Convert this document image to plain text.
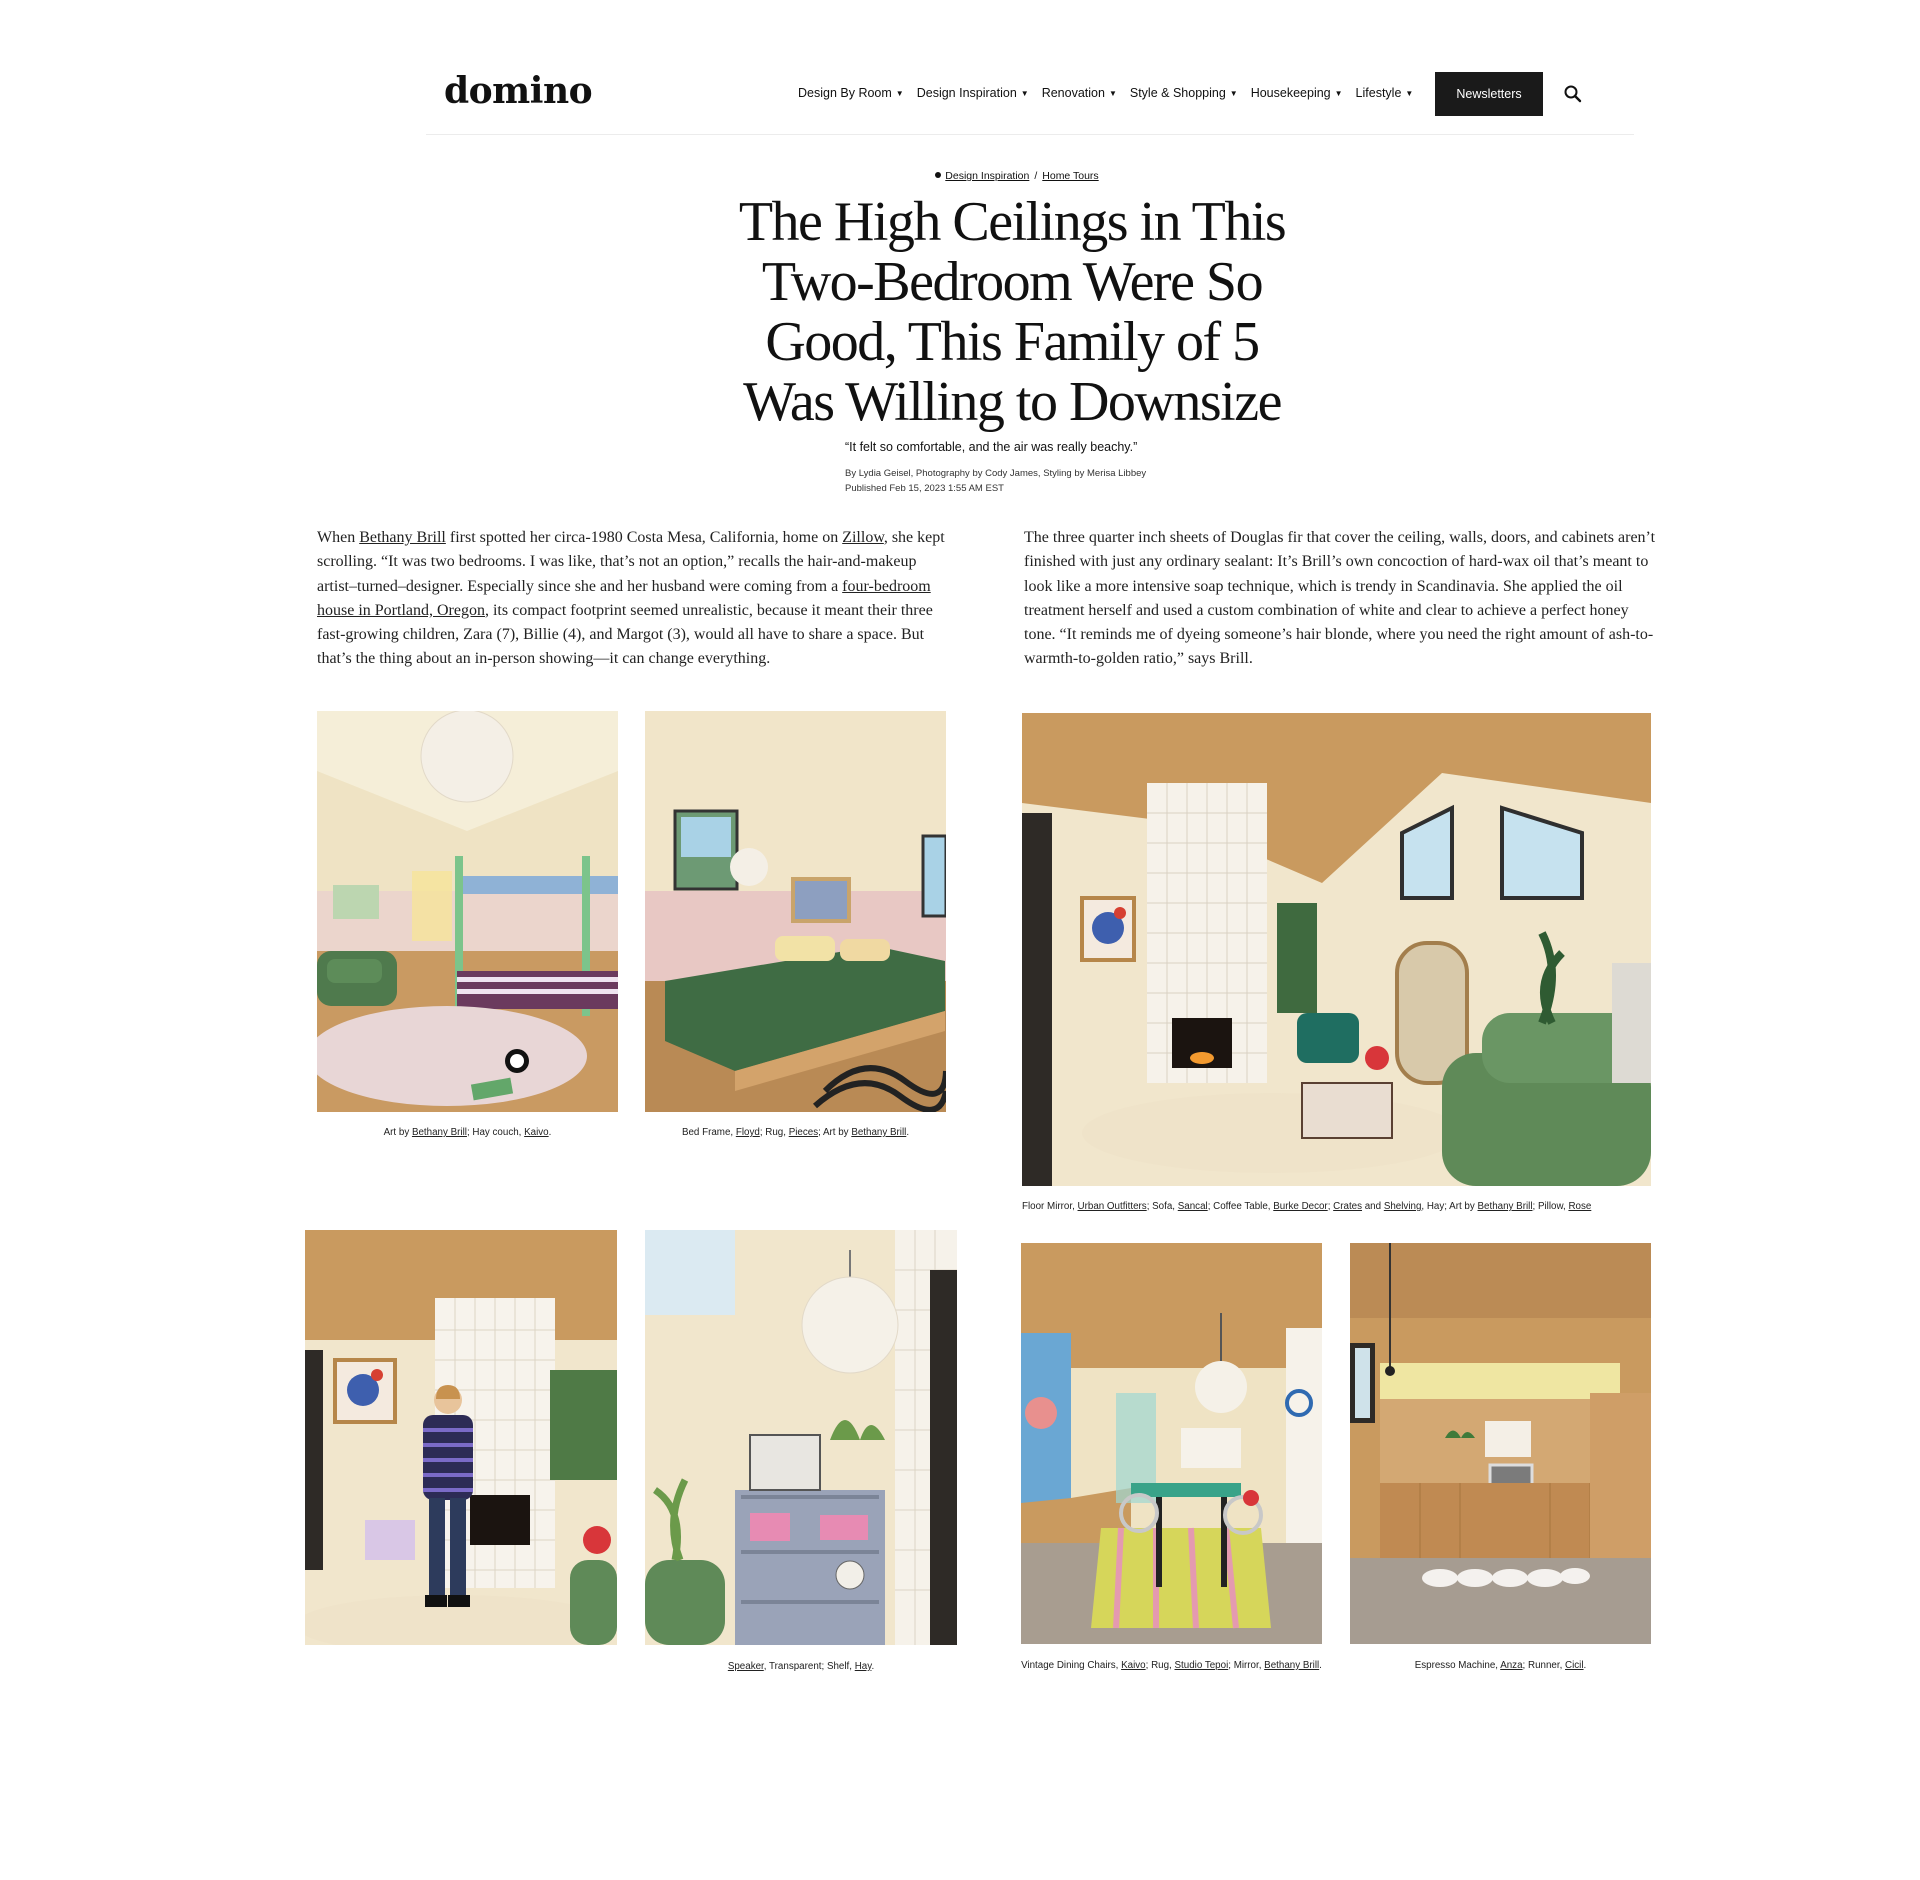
domino	Design By Room ▼ Design Inspiration ▼ Renovation ▼ Style & Shopping ▼ Housekeeping ▼ Lifestyle ▼	Newsletters
Design Inspiration / Home Tours
The High Ceilings in This
Two-Bedroom Were So
Good, This Family of 5
Was Willing to Downsize
“It felt so comfortable, and the air was really beachy.”
By Lydia Geisel, Photography by Cody James, Styling by Merisa Libbey
Published Feb 15, 2023 1:55 AM EST

When Bethany Brill first spotted her circa-1980 Costa Mesa, California, home on Zillow, she kept scrolling. “It was two bedrooms. I was like, that’s not an option,” recalls the hair-and-makeup artist–turned–designer. Especially since she and her husband were coming from a four-bedroom house in Portland, Oregon, its compact footprint seemed unrealistic, because it meant their three fast-growing children, Zara (7), Billie (4), and Margot (3), would all have to share a space. But that’s the thing about an in-person showing—it can change everything.

The three quarter inch sheets of Douglas fir that cover the ceiling, walls, doors, and cabinets aren’t finished with just any ordinary sealant: It’s Brill’s own concoction of hard-wax oil that’s meant to look like a more intensive soap technique, which is trendy in Scandinavia. She applied the oil treatment herself and used a custom combination of white and clear to achieve a perfect honey tone. “It reminds me of dyeing someone’s hair blonde, where you need the right amount of ash-to-warmth-to-golden ratio,” says Brill.

Art by Bethany Brill; Hay couch, Kaivo.	Bed Frame, Floyd; Rug, Pieces; Art by Bethany Brill.
Floor Mirror, Urban Outfitters; Sofa, Sancal; Coffee Table, Burke Decor; Crates and Shelving, Hay; Art by Bethany Brill; Pillow, Rose
Speaker, Transparent; Shelf, Hay.	Vintage Dining Chairs, Kaivo; Rug, Studio Tepoi; Mirror, Bethany Brill.	Espresso Machine, Anza; Runner, Cicil.
